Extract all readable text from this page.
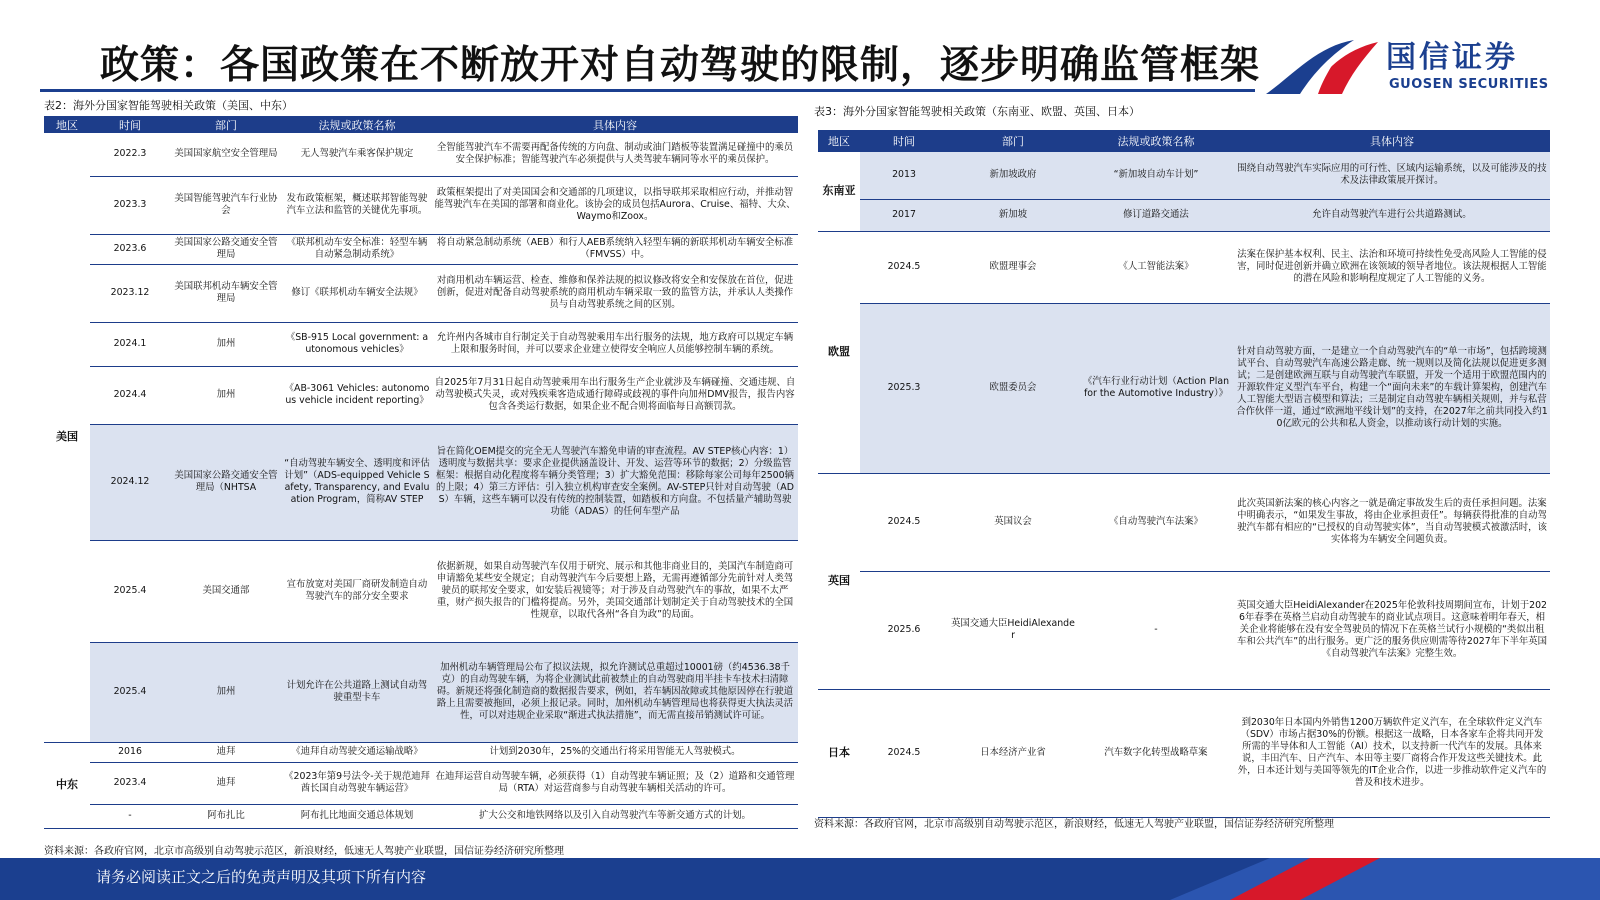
政策：各国政策在不断放开对自动驾驶的限制，逐步明确监管框架	国信证券
GUOSEN SECURITIES
表2：海外分国家智能驾驶相关政策（美国、中东）
地区	时间	部门	法规或政策名称	具体内容
美国	2022.3	美国国家航空安全管理局	无人驾驶汽车乘客保护规定	全智能驾驶汽车不需要再配备传统的方向盘、制动或油门踏板等装置满足碰撞中的乘员安全保护标准；智能驾驶汽车必须提供与人类驾驶车辆同等水平的乘员保护。
	2023.3	美国智能驾驶汽车行业协会	发布政策框架，概述联邦智能驾驶汽车立法和监管的关键优先事项。	政策框架提出了对美国国会和交通部的几项建议，以指导联邦采取相应行动，并推动智能驾驶汽车在美国的部署和商业化。该协会的成员包括Aurora、Cruise、福特、大众、Waymo和Zoox。
	2023.6	美国国家公路交通安全管理局	《联邦机动车安全标准：轻型车辆自动紧急制动系统》	将自动紧急制动系统（AEB）和行人AEB系统纳入轻型车辆的新联邦机动车辆安全标准（FMVSS）中。
	2023.12	美国联邦机动车辆安全管理局	修订《联邦机动车辆安全法规》	对商用机动车辆运营、检查、维修和保养法规的拟议修改将安全和安保放在首位，促进创新，促进对配备自动驾驶系统的商用机动车辆采取一致的监管方法，并承认人类操作员与自动驾驶系统之间的区别。
	2024.1	加州	《SB-915 Local government: autonomous vehicles》	允许州内各城市自行制定关于自动驾驶乘用车出行服务的法规，地方政府可以规定车辆上限和服务时间，并可以要求企业建立使得安全响应人员能够控制车辆的系统。
	2024.4	加州	《AB-3061 Vehicles: autonomous vehicle incident reporting》	自2025年7月31日起自动驾驶乘用车出行服务生产企业就涉及车辆碰撞、交通违规、自动驾驶模式失灵，或对残疾乘客造成通行障碍或歧视的事件向加州DMV报告，报告内容包含各类运行数据，如果企业不配合则将面临每日高额罚款。
	2024.12	美国国家公路交通安全管理局（NHTSA	“自动驾驶车辆安全、透明度和评估计划”（ADS-equipped Vehicle Safety, Transparency, and Evaluation Program，简称AV STEP	旨在简化OEM提交的完全无人驾驶汽车豁免申请的审查流程。AV STEP核心内容：1）透明度与数据共享：要求企业提供涵盖设计、开发、运营等环节的数据；2）分级监管框架：根据自动化程度将车辆分类管理；3）扩大豁免范围：移除每家公司每年2500辆的上限；4）第三方评估：引入独立机构审查安全案例。AV-STEP只针对自动驾驶（ADS）车辆，这些车辆可以没有传统的控制装置，如踏板和方向盘。不包括量产辅助驾驶功能（ADAS）的任何车型产品
	2025.4	美国交通部	宣布放宽对美国厂商研发制造自动驾驶汽车的部分安全要求	依据新规，如果自动驾驶汽车仅用于研究、展示和其他非商业目的，美国汽车制造商可申请豁免某些安全规定；自动驾驶汽车今后要想上路，无需再遵循部分先前针对人类驾驶员的联邦安全要求，如安装后视镜等；对于涉及自动驾驶汽车的事故，如果不太严重，财产损失报告的门槛将提高。另外，美国交通部计划制定关于自动驾驶技术的全国性规章，以取代各州“各自为政”的局面。
	2025.4	加州	计划允许在公共道路上测试自动驾驶重型卡车	加州机动车辆管理局公布了拟议法规，拟允许测试总重超过10001磅（约4536.38千克）的自动驾驶车辆，为将企业测试此前被禁止的自动驾驶商用半挂卡车技术扫清障碍。新规还将强化制造商的数据报告要求，例如，若车辆因故障或其他原因停在行驶道路上且需要被拖回，必须上报记录。同时，加州机动车辆管理局也将获得更大执法灵活性，可以对违规企业采取“渐进式执法措施”，而无需直接吊销测试许可证。
中东	2016	迪拜	《迪拜自动驾驶交通运输战略》	计划到2030年，25%的交通出行将采用智能无人驾驶模式。
	2023.4	迪拜	《2023年第9号法令-关于规范迪拜酋长国自动驾驶车辆运营》	在迪拜运营自动驾驶车辆，必须获得（1）自动驾驶车辆证照；及（2）道路和交通管理局（RTA）对运营商参与自动驾驶车辆相关活动的许可。
	-	阿布扎比	阿布扎比地面交通总体规划	扩大公交和地铁网络以及引入自动驾驶汽车等新交通方式的计划。
资料来源：各政府官网，北京市高级别自动驾驶示范区，新浪财经，低速无人驾驶产业联盟，国信证券经济研究所整理
表3：海外分国家智能驾驶相关政策（东南亚、欧盟、英国、日本）
地区	时间	部门	法规或政策名称	具体内容
东南亚	2013	新加坡政府	“新加坡自动车计划”	围绕自动驾驶汽车实际应用的可行性、区域内运输系统，以及可能涉及的技术及法律政策展开探讨。
	2017	新加坡	修订道路交通法	允许自动驾驶汽车进行公共道路测试。
欧盟	2024.5	欧盟理事会	《人工智能法案》	法案在保护基本权利、民主、法治和环境可持续性免受高风险人工智能的侵害，同时促进创新并确立欧洲在该领域的领导者地位。该法规根据人工智能的潜在风险和影响程度规定了人工智能的义务。
	2025.3	欧盟委员会	《汽车行业行动计划（Action Plan for the Automotive Industry）》	针对自动驾驶方面，一是建立一个自动驾驶汽车的“单一市场”，包括跨境测试平台、自动驾驶汽车高速公路走廊、统一规则以及简化法规以促进更多测试；二是创建欧洲互联与自动驾驶汽车联盟，开发一个适用于欧盟范围内的开源软件定义型汽车平台，构建一个“面向未来”的车载计算架构，创建汽车人工智能大型语言模型和算法；三是制定自动驾驶车辆相关规则，并与私营合作伙伴一道，通过“欧洲地平线计划”的支持，在2027年之前共同投入约10亿欧元的公共和私人资金，以推动该行动计划的实施。
英国	2024.5	英国议会	《自动驾驶汽车法案》	此次英国新法案的核心内容之一就是确定事故发生后的责任承担问题。法案中明确表示，“如果发生事故，将由企业承担责任”。每辆获得批准的自动驾驶汽车都有相应的“已授权的自动驾驶实体”，当自动驾驶模式被激活时，该实体将为车辆安全问题负责。
	2025.6	英国交通大臣HeidiAlexander	-	英国交通大臣HeidiAlexander在2025年伦敦科技周期间宣布，计划于2026年春季在英格兰启动自动驾驶车的商业试点项目。这意味着明年春天，相关企业将能够在没有安全驾驶员的情况下在英格兰试行小规模的“类似出租车和公共汽车”的出行服务。更广泛的服务供应则需等待2027年下半年英国《自动驾驶汽车法案》完整生效。
日本	2024.5	日本经济产业省	汽车数字化转型战略草案	到2030年日本国内外销售1200万辆软件定义汽车，在全球软件定义汽车（SDV）市场占据30%的份额。根据这一战略，日本各家车企将共同开发所需的半导体和人工智能（AI）技术，以支持新一代汽车的发展。具体来说，丰田汽车、日产汽车、本田等主要厂商将合作开发这些关键技术。此外，日本还计划与美国等领先的IT企业合作，以进一步推动软件定义汽车的普及和技术进步。
资料来源：各政府官网，北京市高级别自动驾驶示范区，新浪财经，低速无人驾驶产业联盟，国信证券经济研究所整理
请务必阅读正文之后的免责声明及其项下所有内容
